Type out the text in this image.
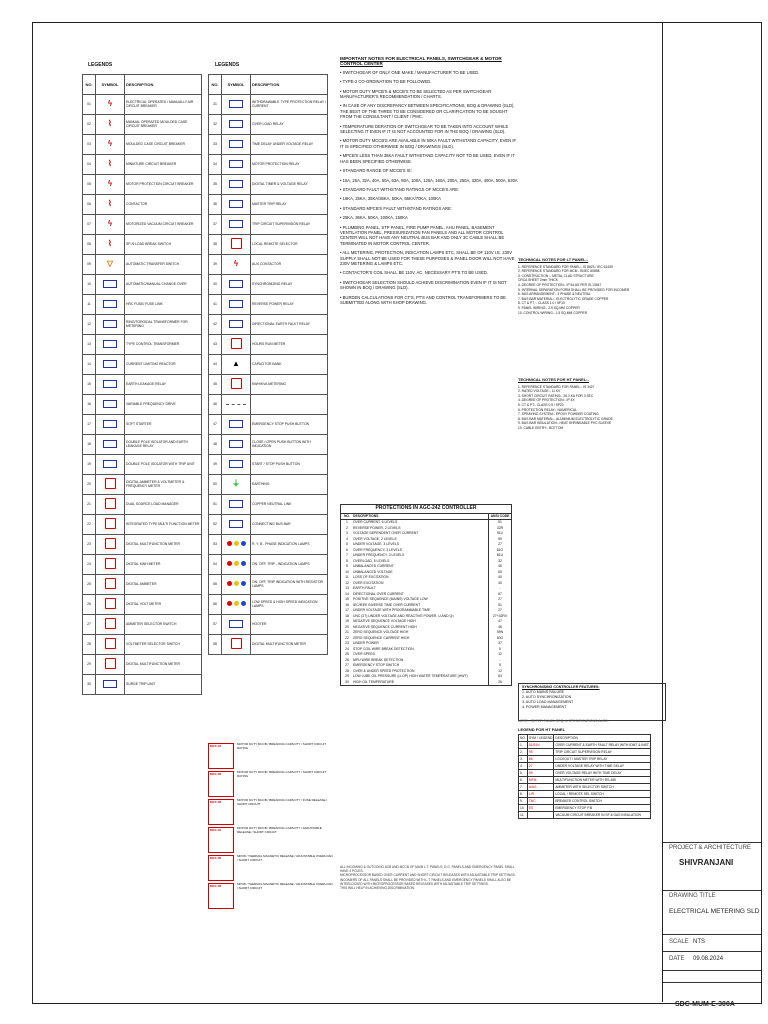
LEGENDS
NO.	SYMBOL	DESCRIPTION
01	ϟ	ELECTRICAL OPERATED / MANUALLY AIR CIRCUIT BREAKER
02	⌇	MANUAL OPERATED MOULDED CASE CIRCUIT BREAKER
03	ϟ	MOULDED CASE CIRCUIT BREAKER
04	⌇	MINIATURE CIRCUIT BREAKER
05	ϟ	MOTOR PROTECTION CIRCUIT BREAKER
06	⌇	CONTACTOR
07	ϟ	MOTORIZED VACUUM CIRCUIT BREAKER
08	⌇	SP-N LOAD BREAK SWITCH
09	▽	AUTOMATIC TRANSFER SWITCH
10		AUTOMATIC/MANUAL CHANGE OVER
11		HRC FUSE/ FUSE LINK
12		RING/TOROIDAL TRANSFORMER FOR METERING
13		TYPE CONTROL TRANSFORMER
14		CURRENT LIMITING REACTOR
15		EARTH LEAKAGE RELAY
16		VARIABLE FREQUENCY DRIVE
17		SOFT STARTER
18		DOUBLE POLE ISOLATOR AND EARTH LEAKAGE RELAY
19		DOUBLE POLE ISOLATOR WITH TRIP UNIT
20		DIGITAL AMMETER & VOLTMETER & FREQUENCY METER
21		DUAL SOURCE LOAD MANAGER
22		INTEGRATED TYPE MULTI FUNCTION METER
23		DIGITAL MULTIFUNCTION METER
24		DIGITAL KWH METER
25		DIGITAL AMMETER
26		DIGITAL VOLT METER
27		AMMETER SELECTOR SWITCH
28		VOLTMETER SELECTOR SWITCH
29		DIGITAL MULTIFUNCTION METER
30		SURGE TRIP UNIT
LEGENDS
NO.	SYMBOL	DESCRIPTION
31		WITHDRAWABLE TYPE PROTECTION RELAY / CURRENT
32		OVER LOAD RELAY
33		TIME DELAY UNDER VOLTAGE RELAY
34		MOTOR PROTECTION RELAY
35		DIGITAL TIMER & VOLTAGE RELAY
36		MASTER TRIP RELAY
37		TRIP CIRCUIT SUPERVISION RELAY
38		LOCAL REMOTE SELECTOR
39	ϟ	AUX CONTACTOR
40		SYNCHRONIZING RELAY
41		REVERSE POWER RELAY
42		DIRECTIONAL EARTH FAULT RELAY
43		HOURS RUN METER
44	▲	CAPACITOR BANK
45		KWH/KVA METERING
46		
47		EMERGENCY STOP PUSH BUTTON
48		CLOSE / OPEN PUSH BUTTON WITH INDICATION
49		START / STOP PUSH BUTTON
50	⏚	EARTHING
51		COPPER NEUTRAL LINK
52		CONNECTING BUS BAR
53		R, Y, B - PHASE INDICATION LAMPS
54		ON, OFF, TRIP - INDICATION LAMPS
55		ON, OFF, TRIP INDICATION WITH RESISTOR LAMPS
56		LOW SPEED & HIGH SPEED INDICATION LAMPS
57		HOOTER
58		DIGITAL MULTIFUNCTION METER
MCC-01	MOTOR DUTY MCCB / BREAKING CAPACITY / SHORT CIRCUIT RATING
MCC-02	MOTOR DUTY MCCB / BREAKING CAPACITY / SHORT CIRCUIT RATING
MCC-03	MOTOR DUTY MCCB / BREAKING CAPACITY / FUSE RELEASE / SHORT CIRCUIT
MCC-04	MOTOR DUTY MCCB / BREAKING CAPACITY / ADJUSTABLE RELEASE / SHORT CIRCUIT
MCC-05	MPCB / THERMAL MAGNETIC RELEASE / ADJUSTABLE OVERLOAD / SHORT CIRCUIT
MCC-06	MPCB / THERMAL MAGNETIC RELEASE / ADJUSTABLE OVERLOAD / SHORT CIRCUIT
IMPORTANT NOTES FOR ELECTRICAL PANELS, SWITCHGEAR & MOTOR CONTROL CENTER
• SWITCHGEAR OF ONLY ONE MAKE / MANUFACTURER TO BE USED.
• TYPE-2 CO-ORDINATION TO BE FOLLOWED.
• MOTOR DUTY MPCB'S & MCCB'S TO BE SELECTED AS PER SWITCHGEAR MANUFACTURER'S RECOMMENDATION / CHARTS.
• IN CASE OF ANY DISCREPANCY BETWEEN SPECIFICATIONS, BOQ & DRAWING (SLD), THE BEST OF THE THREE TO BE CONSIDERED OR CLARIFICATION TO BE SOUGHT FROM THE CONSULTANT / CLIENT / PMC.
• TEMPERATURE DERATION OF SWITCHGEAR TO BE TAKEN INTO ACCOUNT WHILE SELECTING IT EVEN IF IT IS NOT ACCOUNTED FOR IN THE BOQ / DRAWING (SLD).
• MOTOR DUTY MCCB'S ARE AVAILABLE IN 50KA FAULT WITHSTAND CAPACITY, EVEN IF IT IS SPECIFIED OTHERWISE IN BOQ / DRAWINGS (SLD).
• MPCB'S LESS THAN 36KA FAULT WITHSTAND CAPACITY NOT TO BE USED, EVEN IF IT HAS BEEN SPECIFIED OTHERWISE.
• STANDARD RANGE OF MCCB'S IS:
• 16A, 25A, 32A, 40A, 50A, 63A, 80A, 100A, 125A, 160A, 200A, 250A, 320A, 400A, 500A, 630A
• STANDARD FAULT WITHSTAND RATINGS OF MCCB'S ARE:
• 16KA, 25KA, 35KA/36KA, 50KA, 65KA/70KA, 100KA
• STANDARD MPCB'S FAULT WITHSTAND RATINGS ARE:
• 25KA, 36KA, 50KA, 100KA, 150KA
• PLUMBING PANEL, STP PANEL, FIRE PUMP PANEL, AHU PANEL, BASEMENT VENTILATION PANEL, PRESSURIZATION FAN PANELS AND ALL MOTOR CONTROL CENTER WILL NOT HAVE ANY NEUTRAL BUS BAR AND ONLY 3C CABLE SHALL BE TERMINATED IN MOTOR CONTROL CENTER.
• ALL METERING, PROTECTION, INDICATION LAMPS ETC. SHALL BE OF 110V I.E. 230V SUPPLY SHALL NOT BE USED FOR THESE PURPOSES & PANEL DOOR WILL NOT HAVE 230V METERING & LAMPS ETC.
• CONTACTOR'S COIL SHALL BE 110V, AC. NECESSARY PT'S TO BE USED.
• SWITCHGEAR SELECTION SHOULD ACHIEVE DISCRIMINATION EVEN IF IT IS NOT SHOWN IN BOQ / DRAWING (SLD).
• BURDEN CALCULATIONS FOR CT'S, PT'S AND CONTROL TRANSFORMERS TO BE SUBMITTED ALONG WITH SHOP DRAWING.
PROTECTIONS IN AGC-242 CONTROLLER
NO. DESCRIPTIONS	ANSI CODE
1	OVER CURRENT, 6 LEVELS	51
2	REVERSE POWER, 2 LEVELS	32R
3	VOLTAGE DEPENDENT OVER CURRENT	51V
4	OVER VOLTAGE, 2 LEVELS	59
5	UNDER VOLTAGE, 3 LEVELS	27
6	OVER FREQUENCY, 3 LEVELS	81O
7	UNDER FREQUENCY, 3 LEVELS	81U
8	OVERLOAD, 5 LEVELS	32
9	UNBALANCED CURRENT	46
10	UNBALANCED VOLTAGE	60
11	LOSS OF EXCITATION	40
12	OVER EXCITATION	40
13	EARTH FAULT	-
14	DIRECTIONAL OVER CURRENT	67
15	POSITIVE SEQUENCE (MAINS) VOLTAGE LOW	27
16	IEC/IEEE INVERSE TIME OVER CURRENT	51
17	UNDER VOLTAGE WITH PROGRAMMABLE TIME	27
18	UNC (27) UNDER VOLTAGE AND REACTIVE POWER, U AND Q<	27+32RV
19	NEGATIVE SEQUENCE VOLTAGE HIGH	47
20	NEGATIVE SEQUENCE CURRENT HIGH	46
21	ZERO SEQUENCE VOLTAGE HIGH	59N
22	ZERO SEQUENCE CURRENT HIGH	50G
23	UNDER POWER	37
24	STOP COIL WIRE BREAK DETECTION	5
25	OVER SPEED	12
26	MPU WIRE BREAK DETECTION	-
27	EMERGENCY STOP SWITCH	5
28	OVER & UNDER SPEED PROTECTION	12
29	LOW LUBE OIL PRESSURE (LLOP) HIGH WATER TEMPERATURE (HWT)	63
30	HIGH OIL TEMPERATURE	26
ALL INCOMING & OUTGOING ACB AND MCCB OF MAIN L.T. PANELS, D.G. PANELS AND EMERGENCY PANEL SHALL HAVE 4 POLES.
MICROPROCESSOR BASED OVER CURRENT AND SHORT CIRCUIT RELEASES WITH ADJUSTABLE TRIP SETTINGS.
INCOMERS OF ALL PANELS SHALL BE PROVIDED WITH L.T. PANELS AND EMERGENCY PANELS SHALL ALSO BE INTERLOCKED WITH MICROPROCESSOR BASED RELEASES WITH ADJUSTABLE TRIP SETTINGS.
THIS WILL HELP IN ACHIEVING DISCRIMINATION.
TECHNICAL NOTES FOR LT PANEL:-
1. REFERENCE STANDARD FOR PANEL:- IS 8623 / IEC 61439
2. REFERENCE STANDARD FOR MCB:- IS/IEC 60898
3. CONSTRUCTION :- METAL CLAD STRUCTURE
CRCA SHEET 2mm THICK
4. DEGREE OF PROTECTION:- IP 54 AS PER IS-13947
5. INTERNAL SEPARATION FORM SHALL BE PROVIDED FOR INCOMER
6. BUS ARRANGEMENT:- 3 PHASE & NEUTRAL
7. BUS BAR MATERIAL:- ELECTROLYTIC GRADE COPPER
8. CT & PT :- CLASS 1.0 / 5P10
9. PANEL WIRING:- 2.5 SQ.MM COPPER
10. CONTROL WIRING:- 1.5 SQ.MM COPPER
TECHNICAL NOTES FOR HT PANEL:-
1. REFERENCE STANDARD FOR PANEL:- IS 3427
2. RATED VOLTAGE:- 11 KV
3. SHORT CIRCUIT RATING:- 26.3 KA FOR 3 SEC
4. DEGREE OF PROTECTION:- IP 4X
5. CT & PT:- CLASS 0.5 / 5P20
6. PROTECTION RELAY:- NUMERICAL
7. SPRAYING SYSTEM:- EPOXY POWDER COATING
8. BUS BAR MATERIAL:- ALUMINIUM ELECTROLYTIC GRADE
9. BUS BAR INSULATION:- HEAT SHRINKABLE PVC SLEEVE
10. CABLE ENTRY:- BOTTOM
SYNCHRONISING CONTROLLER FEATURES:
1. AUTO MAINS FAILURE
2. AUTO SYNCHRONIZATION
3. AUTO LOAD MANAGEMENT
4. POWER MANAGEMENT
NOTE:- REFER PANEL REQ. & SPECIFICATIONS ALSO.
LEGEND FOR HT PANEL
NO.	SYM / LEGEND	DESCRIPTION
1.	51/51N	OVER CURRENT & EARTH FAULT RELAY WITH IDMT & INST.
2.	95	TRIP CIRCUIT SUPERVISION RELAY
3.	86	LOCKOUT / MASTER TRIP RELAY
4.	27	UNDER VOLTAGE RELAY WITH TIME DELAY
5.	59	OVER VOLTAGE RELAY WITH TIME DELAY
6.	MFM	MULTIFUNCTION METER WITH RS-485
7.	A/AS	AMMETER WITH SELECTOR SWITCH
8.	L/R	LOCAL / REMOTE SEL SWITCH
9.	TNC	BREAKER CONTROL SWITCH
10.	ES	EMERGENCY STOP P.B
11.		VACUUM CIRCUIT BREAKER IN SF-6 GAS INSULATION
PROJECT & ARCHITECTURE
SHIVRANJANI
DRAWING TITLE
ELECTRICAL METERING SLD
SCALE NTS
DATE 09.08.2024
SDC-MUM-E-300A
